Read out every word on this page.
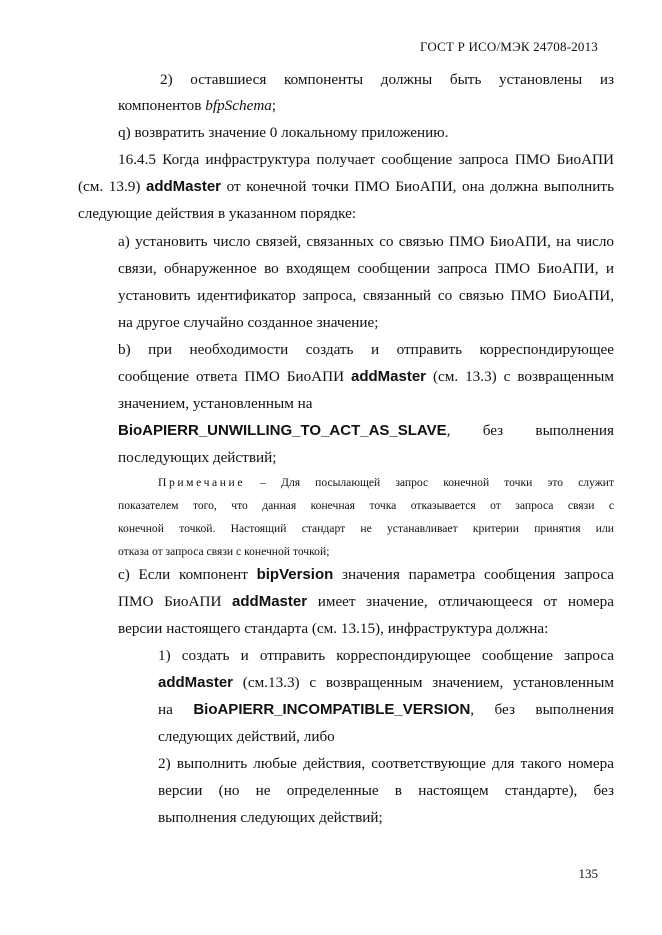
ГОСТ Р ИСО/МЭК 24708-2013
2) оставшиеся компоненты должны быть установлены из
компонентов bfpSchema;
q) возвратить значение 0 локальному приложению.
16.4.5 Когда инфраструктура получает сообщение запроса ПМО БиоАПИ
(см. 13.9) addMaster от конечной точки ПМО БиоАПИ, она должна выполнить
следующие действия в указанном порядке:
a) установить число связей, связанных со связью ПМО БиоАПИ, на число
связи, обнаруженное во входящем сообщении запроса ПМО БиоАПИ, и
установить идентификатор запроса, связанный со связью ПМО БиоАПИ,
на другое случайно созданное значение;
b) при необходимости создать и отправить корреспондирующее
сообщение ответа ПМО БиоАПИ addMaster (см. 13.3) с возвращенным
значением, установленным на
BioAPIERR_UNWILLING_TO_ACT_AS_SLAVE, без выполнения
последующих действий;
Примечание – Для посылающей запрос конечной точки это служит
показателем того, что данная конечная точка отказывается от запроса связи с
конечной точкой. Настоящий стандарт не устанавливает критерии принятия или
отказа от запроса связи с конечной точкой;
c) Если компонент bipVersion значения параметра сообщения запроса
ПМО БиоАПИ addMaster имеет значение, отличающееся от номера
версии настоящего стандарта (см. 13.15), инфраструктура должна:
1) создать и отправить корреспондирующее сообщение запроса
addMaster (см.13.3) с возвращенным значением, установленным
на BioAPIERR_INCOMPATIBLE_VERSION, без выполнения
следующих действий, либо
2) выполнить любые действия, соответствующие для такого номера
версии (но не определенные в настоящем стандарте), без
выполнения следующих действий;
135
